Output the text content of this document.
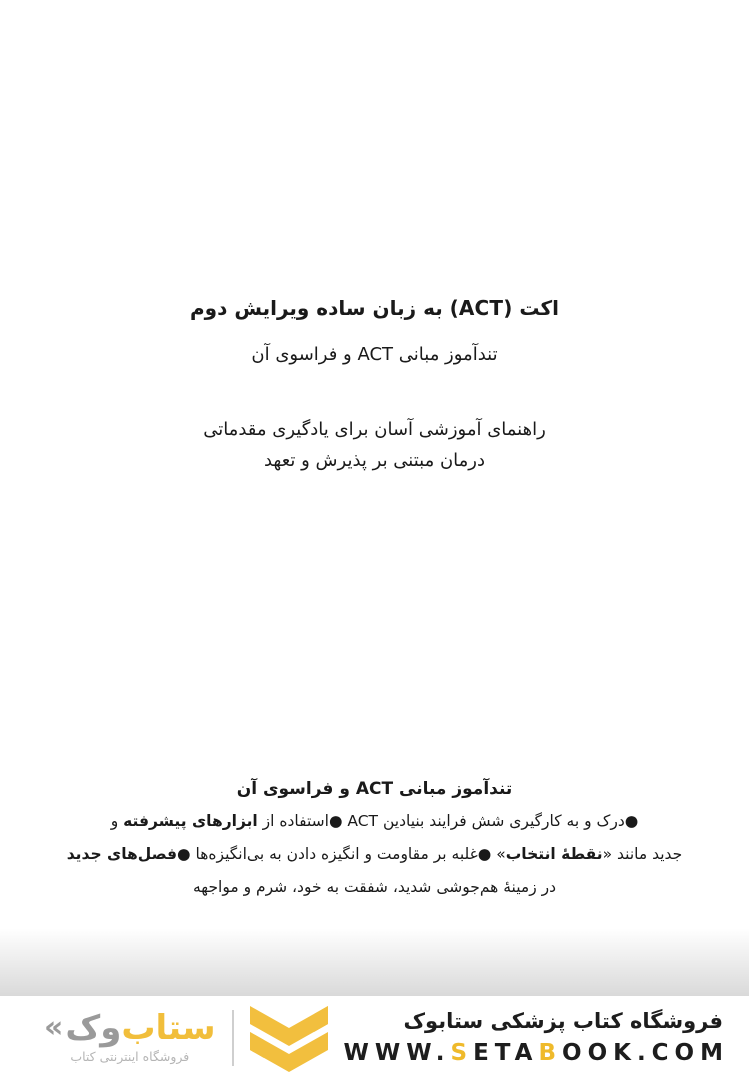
اکت (ACT) به زبان ساده ویرایش دوم
تندآموز مبانی ACT و فراسوی آن
راهنمای آموزشی آسان برای یادگیری مقدماتی
درمان مبتنی بر پذیرش و تعهد
تندآموز مبانی ACT و فراسوی آن
●درک و به کارگیری شش فرایند بنیادین ACT ●استفاده از ابزارهای پیشرفته و
جدید مانند «نقطهٔ انتخاب» ●غلبه بر مقاومت و انگیزه دادن به بی‌انگیزه‌ها ●فصل‌های جدید
در زمینهٔ هم‌جوشی شدید، شفقت به خود، شرم و مواجهه
« وک ستاب
فروشگاه اینترنتی کتاب
فروشگاه کتاب پزشکی ستابوک
WWW.SETABOOK.COM
